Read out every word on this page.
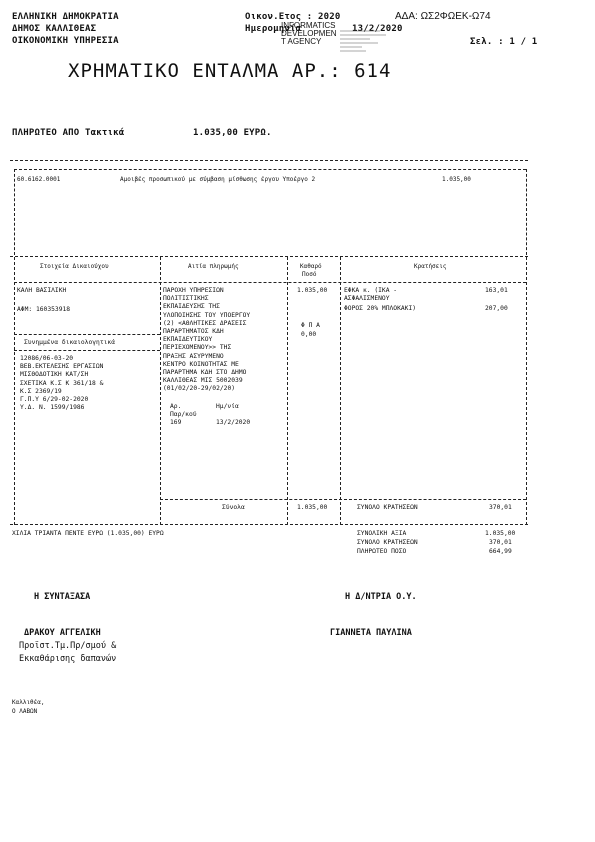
ΕΛΛΗΝΙΚΗ ΔΗΜΟΚΡΑΤΙΑ
ΔΗΜΟΣ ΚΑΛΛΙΘΕΑΣ
ΟΙΚΟΝΟΜΙΚΗ ΥΠΗΡΕΣΙΑ
Οικον.Ετος : 2020
Ημερομηνία	13/2/2020
ΑΔΑ: ΩΣ2ΦΩΕΚ-Ω74
INFORMATICS
DEVELOPMEN
T AGENCY	Σελ. : 1 / 1
ΧΡΗΜΑΤΙΚΟ ΕΝΤΑΛΜΑ ΑΡ.: 614
ΠΛΗΡΩΤΕΟ ΑΠΟ Τακτικά	1.035,00 ΕΥΡΩ.
60.6162.0001	Αμοιβές προσωπικού με σύμβαση μίσθωσης έργου Υποέργο 2	1.035,00
Στοιχεία Δικαιούχου	Αιτία πληρωμής	Καθαρό
Ποσό
Κρατήσεις
ΚΑΛΗ ΒΑΣΙΛΙΚΗ
ΑΦΜ: 160353918
Συνημμένα δικαιολογητικά
12086/06-03-20
ΒΕΒ.ΕΚΤΕΛΕΣΗΣ ΕΡΓΑΣΙΩΝ
ΜΙΣΘΟΔΟΤΙΚΗ ΚΑΤ/ΣΗ
ΣΧΕΤΙΚΑ Κ.Σ Κ 361/18 &
Κ.Σ 2369/19
Γ.Π.Υ 6/29-02-2020
Υ.Δ. Ν. 1599/1986
ΠΑΡΟΧΗ ΥΠΗΡΕΣΙΩΝ
ΠΟΛΙΤΙΣΤΙΚΗΣ
ΕΚΠΑΙΔΕΥΣΗΣ ΤΗΣ
ΥΛΟΠΟΙΗΣΗΣ ΤΟΥ ΥΠΟΕΡΓΟΥ
(2) <ΑΘΛΗΤΙΚΕΣ ΔΡΑΣΕΙΣ
ΠΑΡΑΡΤΗΜΑΤΟΣ ΚΔΗ
ΕΚΠΑΙΔΕΥΤΙΚΟΥ
ΠΕΡΙΕΧΟΜΕΝΟΥ>> ΤΗΣ
ΠΡΑΞΗΣ ΑΣΥΡΥΜΕΝΟ
ΚΕΝΤΡΟ ΚΟΙΝΟΤΗΤΑΣ ΜΕ
ΠΑΡΑΡΤΗΜΑ ΚΔΗ ΣΤΟ ΔΗΜΟ
ΚΑΛΛΙΘΕΑΣ ΜΙΣ 5002039
(01/02/20-29/02/20)
Αρ.	Ημ/νία
Παρ/κού
169	13/2/2020
1.035,00
Φ Π Α
0,00
ΕΦΚΑ κ. (ΙΚΑ -	163,01
ΑΣΦΑΛΙΣΜΕΝΟΥ
ΦΟΡΟΣ 20% ΜΠΛΟΚΑΚΙ)	207,00
Σύνολα	1.035,00	ΣΥΝΟΛΟ ΚΡΑΤΗΣΕΩΝ	370,01
ΧΙΛΙΑ ΤΡΙΑΝΤΑ ΠΕΝΤΕ ΕΥΡΩ (1.035,00) ΕΥΡΩ	ΣΥΝΟΛΙΚΗ ΑΞΙΑ	1.035,00
ΣΥΝΟΛΟ ΚΡΑΤΗΣΕΩΝ	370,01
ΠΛΗΡΩΤΕΟ ΠΟΣΟ	664,99
Η ΣΥΝΤΑΞΑΣΑ	Η Δ/ΝΤΡΙΑ Ο.Υ.
ΔΡΑΚΟΥ ΑΓΓΕΛΙΚΗ	ΓΙΑΝΝΕΤΑ ΠΑΥΛΙΝΑ
Προϊστ.Τμ.Πρ/σμού &
Εκκαθάρισης δαπανών
Καλλιθέα,
Ο ΛΑΒΩΝ
